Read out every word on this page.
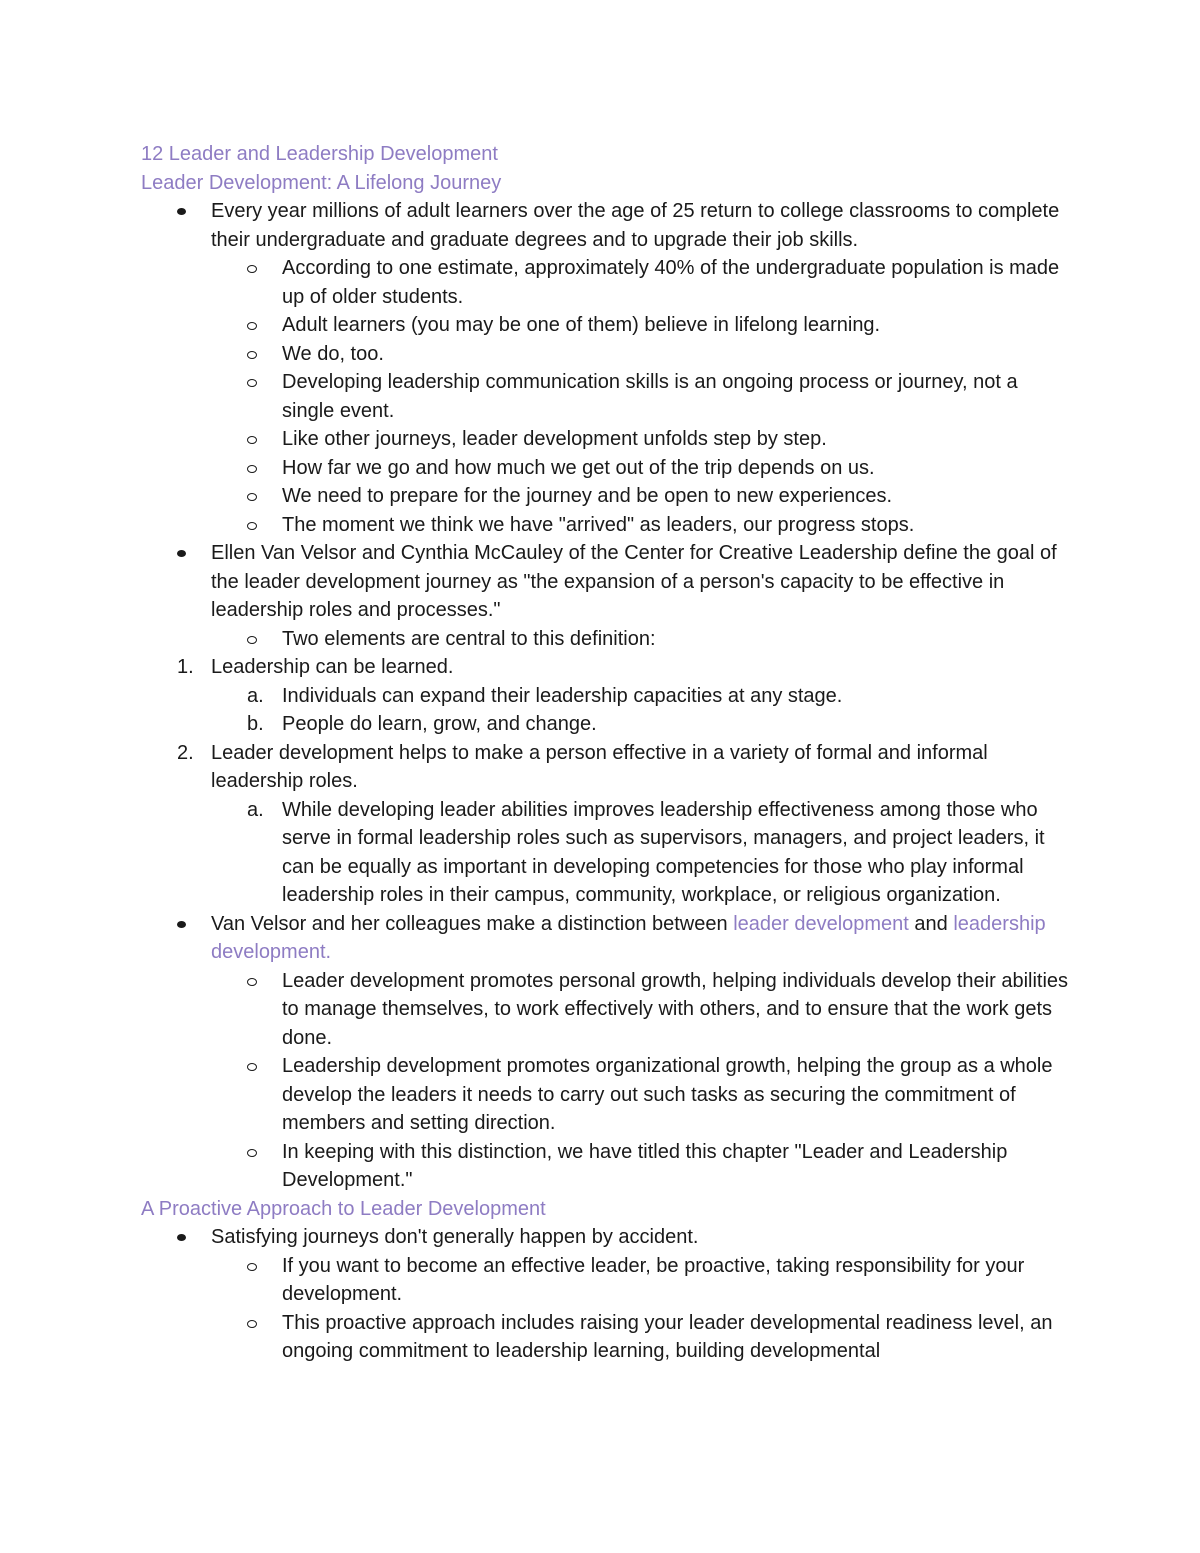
12 Leader and Leadership Development
Leader Development: A Lifelong Journey
Every year millions of adult learners over the age of 25 return to college classrooms to complete their undergraduate and graduate degrees and to upgrade their job skills.
According to one estimate, approximately 40% of the undergraduate population is made up of older students.
Adult learners (you may be one of them) believe in lifelong learning.
We do, too.
Developing leadership communication skills is an ongoing process or journey, not a single event.
Like other journeys, leader development unfolds step by step.
How far we go and how much we get out of the trip depends on us.
We need to prepare for the journey and be open to new experiences.
The moment we think we have "arrived" as leaders, our progress stops.
Ellen Van Velsor and Cynthia McCauley of the Center for Creative Leadership define the goal of the leader development journey as "the expansion of a person's capacity to be effective in leadership roles and processes."
Two elements are central to this definition:
1. Leadership can be learned.
a. Individuals can expand their leadership capacities at any stage.
b. People do learn, grow, and change.
2. Leader development helps to make a person effective in a variety of formal and informal leadership roles.
a. While developing leader abilities improves leadership effectiveness among those who serve in formal leadership roles such as supervisors, managers, and project leaders, it can be equally as important in developing competencies for those who play informal leadership roles in their campus, community, workplace, or religious organization.
Van Velsor and her colleagues make a distinction between leader development and leadership development.
Leader development promotes personal growth, helping individuals develop their abilities to manage themselves, to work effectively with others, and to ensure that the work gets done.
Leadership development promotes organizational growth, helping the group as a whole develop the leaders it needs to carry out such tasks as securing the commitment of members and setting direction.
In keeping with this distinction, we have titled this chapter "Leader and Leadership Development."
A Proactive Approach to Leader Development
Satisfying journeys don't generally happen by accident.
If you want to become an effective leader, be proactive, taking responsibility for your development.
This proactive approach includes raising your leader developmental readiness level, an ongoing commitment to leadership learning, building developmental
